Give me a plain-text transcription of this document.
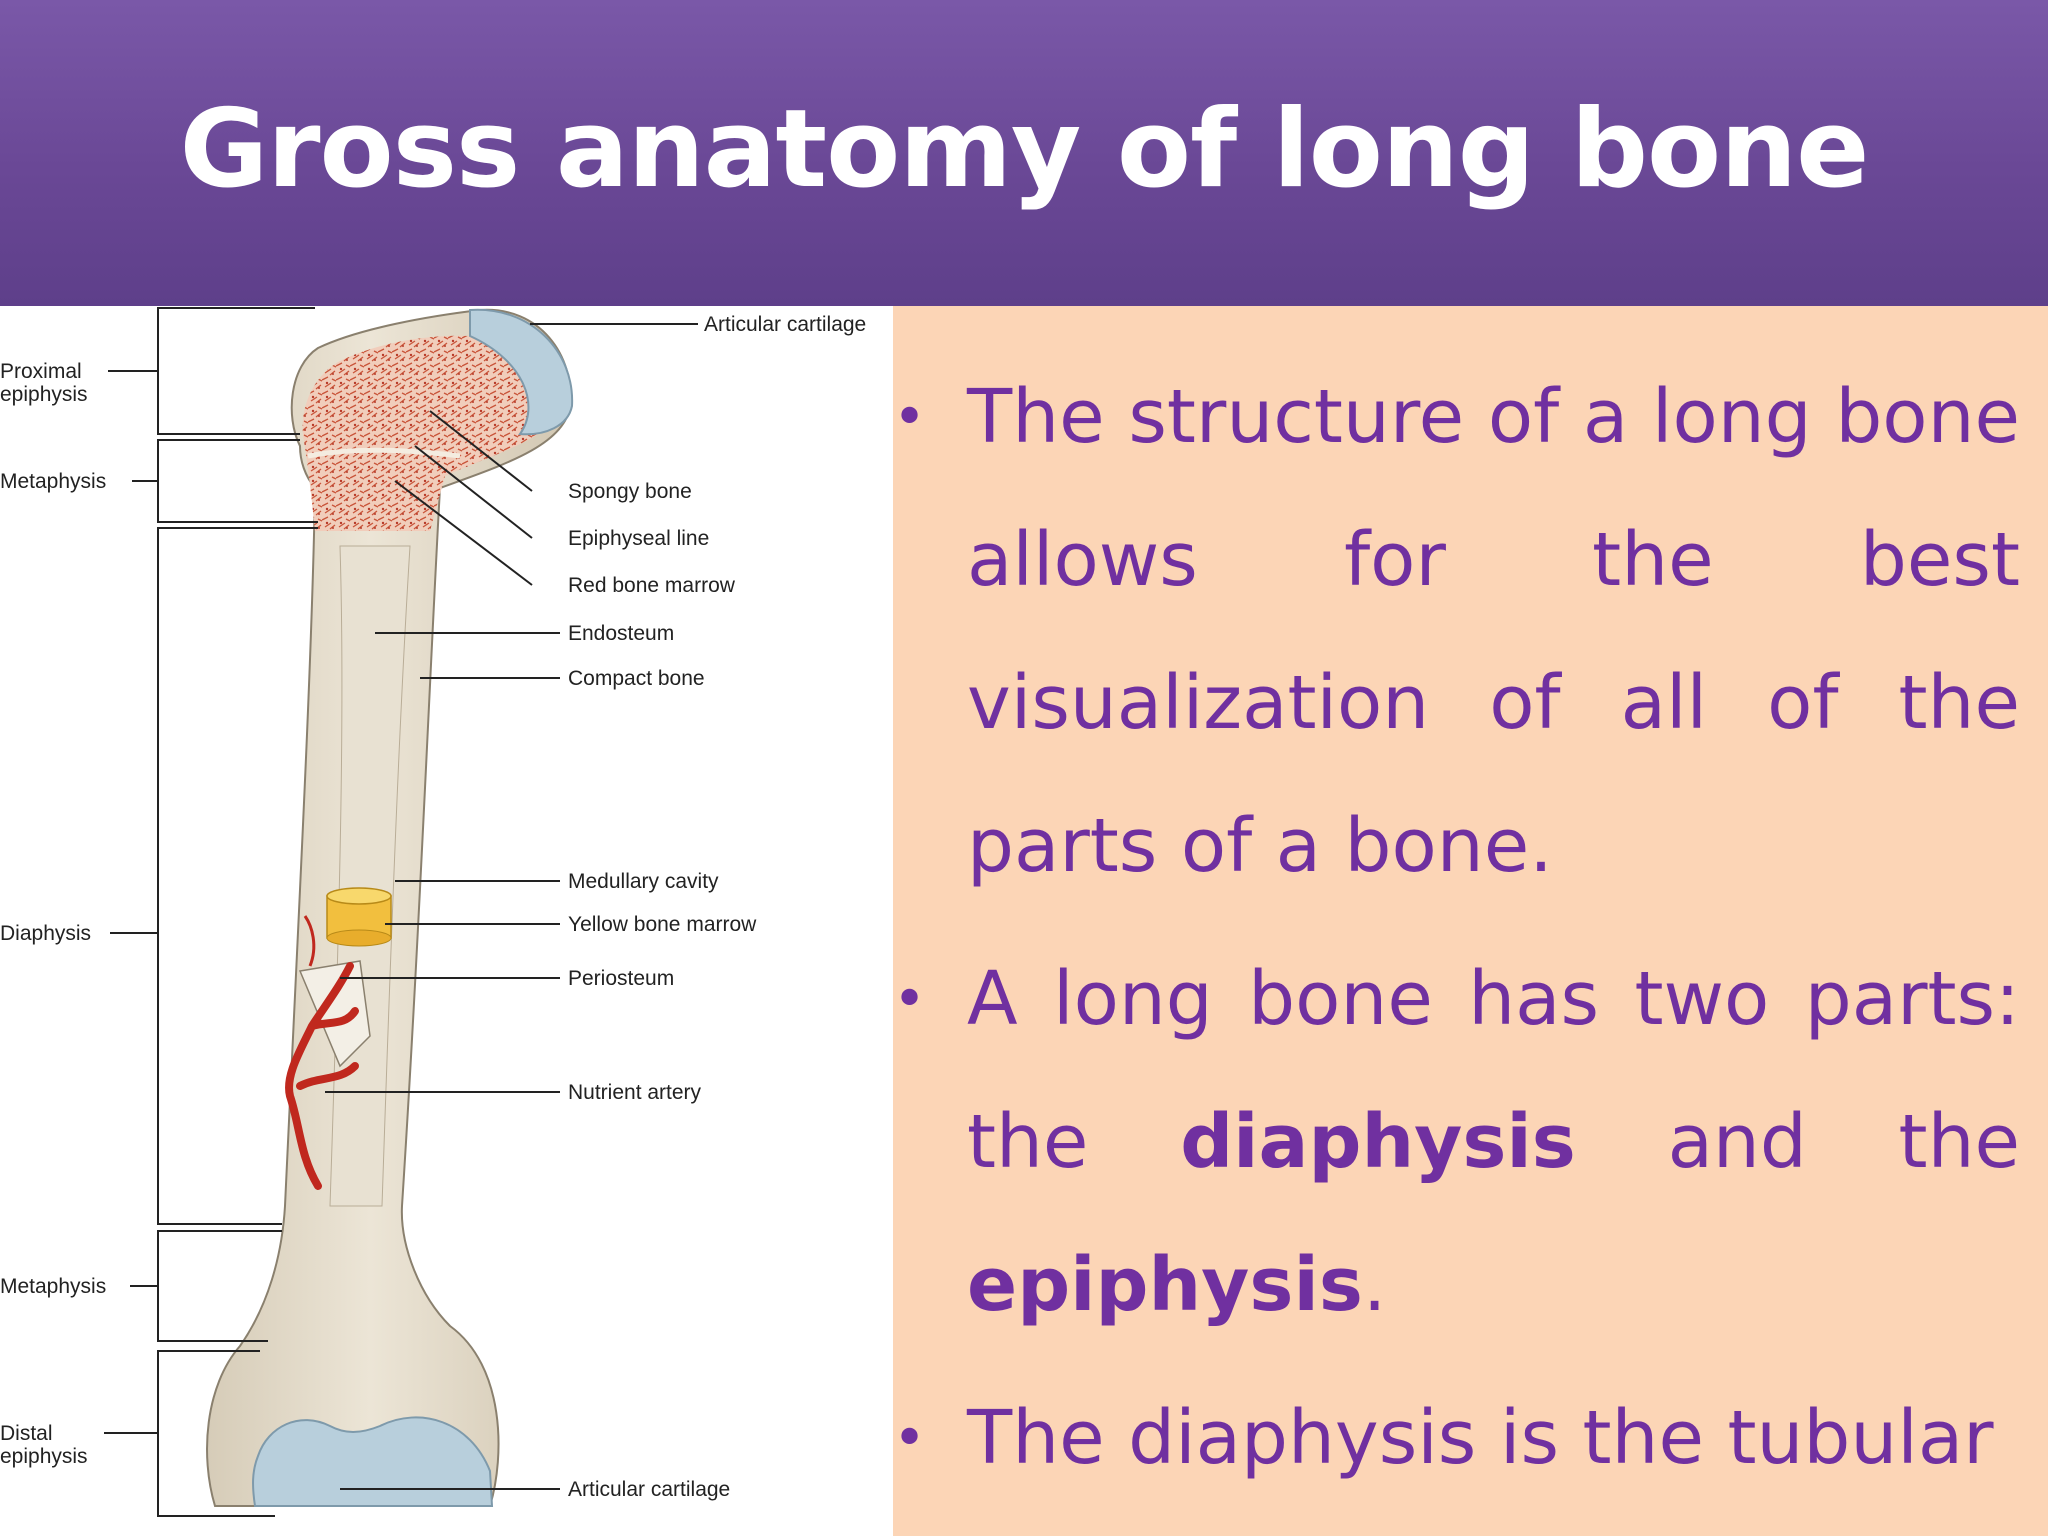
Gross anatomy of long bone
Proximal
epiphysis
Metaphysis
Diaphysis
Metaphysis
Distal
epiphysis
Articular cartilage
Spongy bone
Epiphyseal line
Red bone marrow
Endosteum
Compact bone
Medullary cavity
Yellow bone marrow
Periosteum
Nutrient artery
Articular cartilage
• The structure of a long bone allows for the best visualization of all of the parts of a bone.
• A long bone has two parts: the diaphysis and the epiphysis.
• The diaphysis is the tubular
